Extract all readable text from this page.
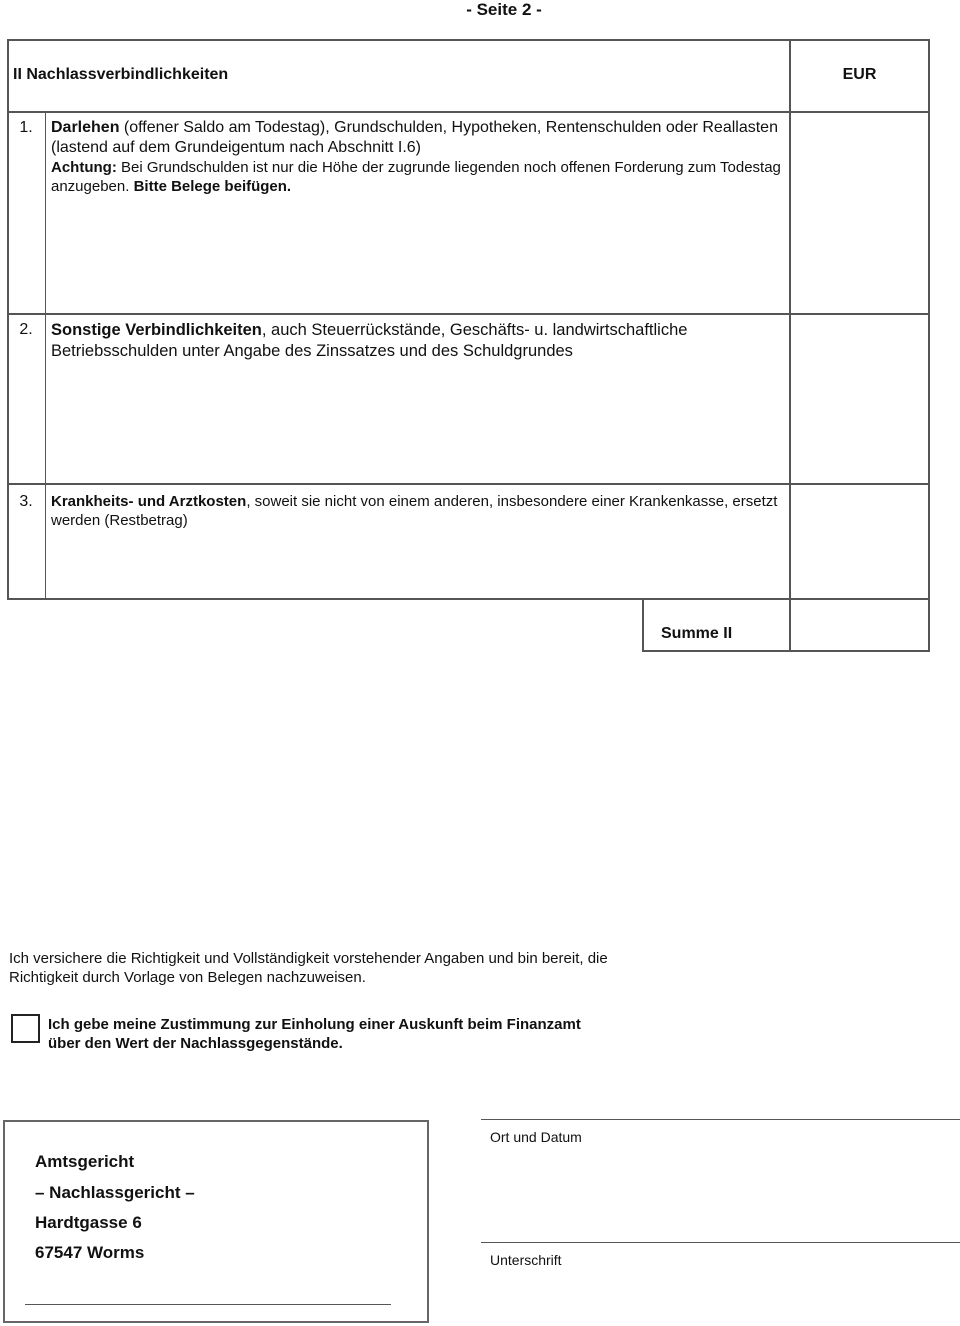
- Seite 2 -
II Nachlassverbindlichkeiten	EUR
1.	Darlehen (offener Saldo am Todestag), Grundschulden, Hypotheken, Rentenschulden oder Reallasten (lastend auf dem Grundeigentum nach Abschnitt I.6)
Achtung: Bei Grundschulden ist nur die Höhe der zugrunde liegenden noch offenen Forderung zum Todestag anzugeben. Bitte Belege beifügen.
2.	Sonstige Verbindlichkeiten, auch Steuerrückstände, Geschäfts- u. landwirtschaftliche Betriebsschulden unter Angabe des Zinssatzes und des Schuldgrundes
3.	Krankheits- und Arztkosten, soweit sie nicht von einem anderen, insbesondere einer Krankenkasse, ersetzt werden (Restbetrag)
Summe II
Ich versichere die Richtigkeit und Vollständigkeit vorstehender Angaben und bin bereit, die Richtigkeit durch Vorlage von Belegen nachzuweisen.
Ich gebe meine Zustimmung zur Einholung einer Auskunft beim Finanzamt über den Wert der Nachlassgegenstände.
Amtsgericht
– Nachlassgericht –
Hardtgasse 6
67547 Worms
Ort und Datum
Unterschrift
